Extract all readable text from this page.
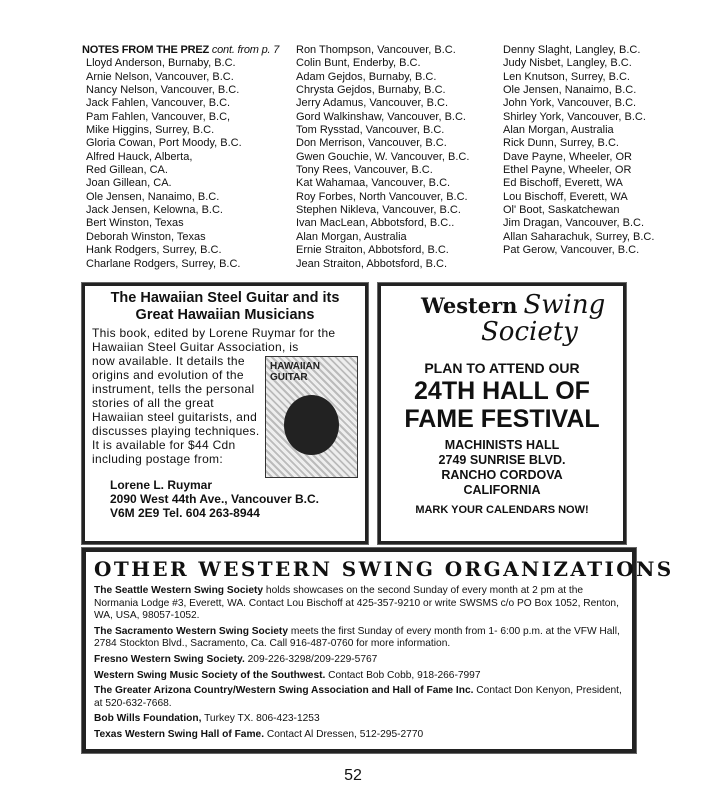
NOTES FROM THE PREZ cont. from p. 7
Lloyd Anderson, Burnaby, B.C.
Arnie Nelson, Vancouver, B.C.
Nancy Nelson, Vancouver, B.C.
Jack Fahlen, Vancouver, B.C.
Pam Fahlen, Vancouver, B.C,
Mike Higgins, Surrey, B.C.
Gloria Cowan, Port Moody, B.C.
Alfred Hauck, Alberta,
Red Gillean, CA.
Joan Gillean, CA.
Ole Jensen, Nanaimo, B.C.
Jack Jensen, Kelowna, B.C.
Bert Winston, Texas
Deborah Winston, Texas
Hank Rodgers, Surrey, B.C.
Charlane Rodgers, Surrey, B.C.
Ron Thompson, Vancouver, B.C.
Colin Bunt, Enderby, B.C.
Adam Gejdos, Burnaby, B.C.
Chrysta Gejdos, Burnaby, B.C.
Jerry Adamus, Vancouver, B.C.
Gord Walkinshaw, Vancouver, B.C.
Tom Rysstad, Vancouver, B.C.
Don Merrison, Vancouver, B.C.
Gwen Gouchie, W. Vancouver, B.C.
Tony Rees, Vancouver, B.C.
Kat Wahamaa, Vancouver, B.C.
Roy Forbes, North Vancouver, B.C.
Stephen Nikleva, Vancouver, B.C.
Ivan MacLean, Abbotsford, B.C..
Alan Morgan, Australia
Ernie Straiton, Abbotsford, B.C.
Jean Straiton, Abbotsford, B.C.
Denny Slaght, Langley, B.C.
Judy Nisbet, Langley, B.C.
Len Knutson, Surrey, B.C.
Ole Jensen, Nanaimo, B.C.
John York, Vancouver, B.C.
Shirley York, Vancouver, B.C.
Alan Morgan, Australia
Rick Dunn, Surrey, B.C.
Dave Payne, Wheeler, OR
Ethel Payne, Wheeler, OR
Ed Bischoff, Everett, WA
Lou Bischoff, Everett, WA
Ol' Boot, Saskatchewan
Jim Dragan, Vancouver, B.C.
Allan Saharachuk, Surrey, B.C.
Pat Gerow, Vancouver, B.C.
The Hawaiian Steel Guitar and its
Great Hawaiian Musicians

This book, edited by Lorene Ruymar for the Hawaiian Steel Guitar Association, is

HAWAIIAN GUITAR

now available. It details the origins and evolution of the instrument, tells the personal stories of all the great Hawaiian steel guitarists, and discusses playing techniques. It is available for $44 Cdn including postage from:

Lorene L. Ruymar
2090 West 44th Ave., Vancouver B.C.
V6M 2E9 Tel. 604 263-8944
Western Swing
Society
PLAN TO ATTEND OUR
24TH HALL OF
FAME FESTIVAL
MACHINISTS HALL
2749 SUNRISE BLVD.
RANCHO CORDOVA
CALIFORNIA
MARK YOUR CALENDARS NOW!
OTHER WESTERN SWING ORGANIZATIONS

The Seattle Western Swing Society holds showcases on the second Sunday of every month at 2 pm at the Normania Lodge #3, Everett, WA. Contact Lou Bischoff at 425-357-9210 or write SWSMS c/o PO Box 1052, Renton, WA, USA, 98057-1052.

The Sacramento Western Swing Society meets the first Sunday of every month from 1- 6:00 p.m. at the VFW Hall, 2784 Stockton Blvd., Sacramento, Ca. Call 916-487-0760 for more information.

Fresno Western Swing Society. 209-226-3298/209-229-5767

Western Swing Music Society of the Southwest. Contact Bob Cobb, 918-266-7997

The Greater Arizona Country/Western Swing Association and Hall of Fame Inc. Contact Don Kenyon, President, at 520-632-7668.

Bob Wills Foundation, Turkey TX. 806-423-1253

Texas Western Swing Hall of Fame. Contact Al Dressen, 512-295-2770

52
